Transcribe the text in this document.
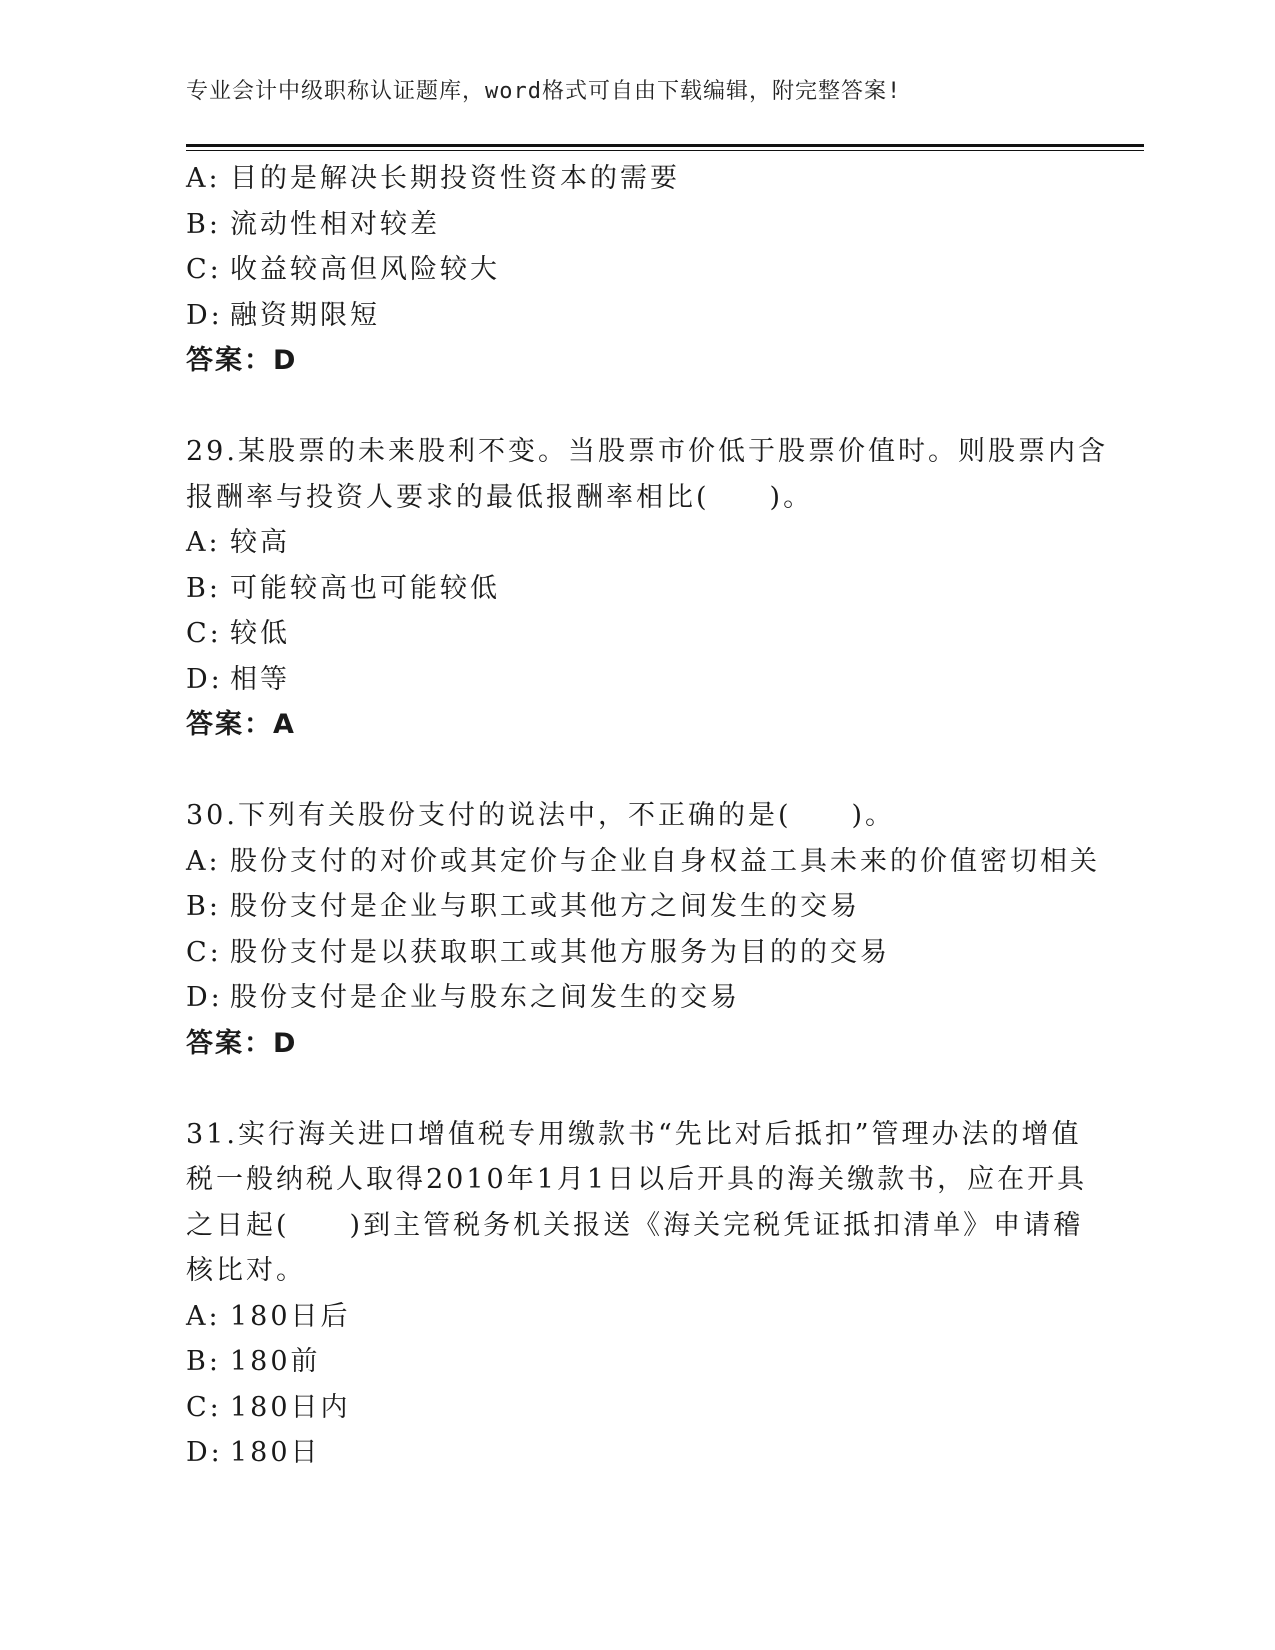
专业会计中级职称认证题库，word格式可自由下载编辑，附完整答案!
A: 目的是解决长期投资性资本的需要
B: 流动性相对较差
C: 收益较高但风险较大
D: 融资期限短
答案：D
29.某股票的未来股利不变。当股票市价低于股票价值时。则股票内含
报酬率与投资人要求的最低报酬率相比(　　)。
A: 较高
B: 可能较高也可能较低
C: 较低
D: 相等
答案：A
30.下列有关股份支付的说法中，不正确的是(　　)。
A: 股份支付的对价或其定价与企业自身权益工具未来的价值密切相关
B: 股份支付是企业与职工或其他方之间发生的交易
C: 股份支付是以获取职工或其他方服务为目的的交易
D: 股份支付是企业与股东之间发生的交易
答案：D
31.实行海关进口增值税专用缴款书“先比对后抵扣”管理办法的增值
税一般纳税人取得2010年1月1日以后开具的海关缴款书，应在开具
之日起(　　)到主管税务机关报送《海关完税凭证抵扣清单》申请稽
核比对。
A: 180日后
B: 180前
C: 180日内
D: 180日
